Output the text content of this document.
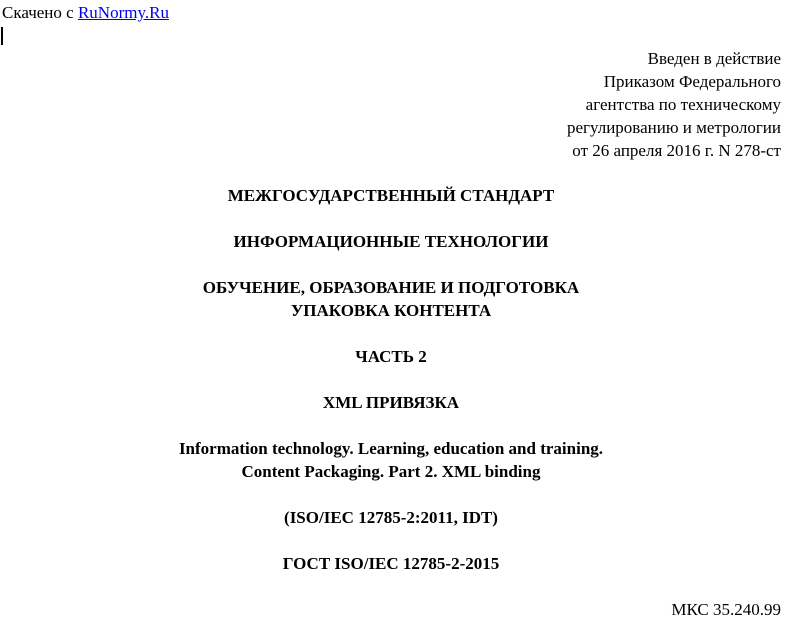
Скачено с RuNormy.Ru
Введен в действие
Приказом Федерального
агентства по техническому
регулированию и метрологии
от 26 апреля 2016 г. N 278-ст
МЕЖГОСУДАРСТВЕННЫЙ СТАНДАРТ
ИНФОРМАЦИОННЫЕ ТЕХНОЛОГИИ
ОБУЧЕНИЕ, ОБРАЗОВАНИЕ И ПОДГОТОВКА
УПАКОВКА КОНТЕНТА
ЧАСТЬ 2
XML ПРИВЯЗКА
Information technology. Learning, education and training.
Content Packaging. Part 2. XML binding
(ISO/IEC 12785-2:2011, IDT)
ГОСТ ISO/IEC 12785-2-2015
МКС 35.240.99
